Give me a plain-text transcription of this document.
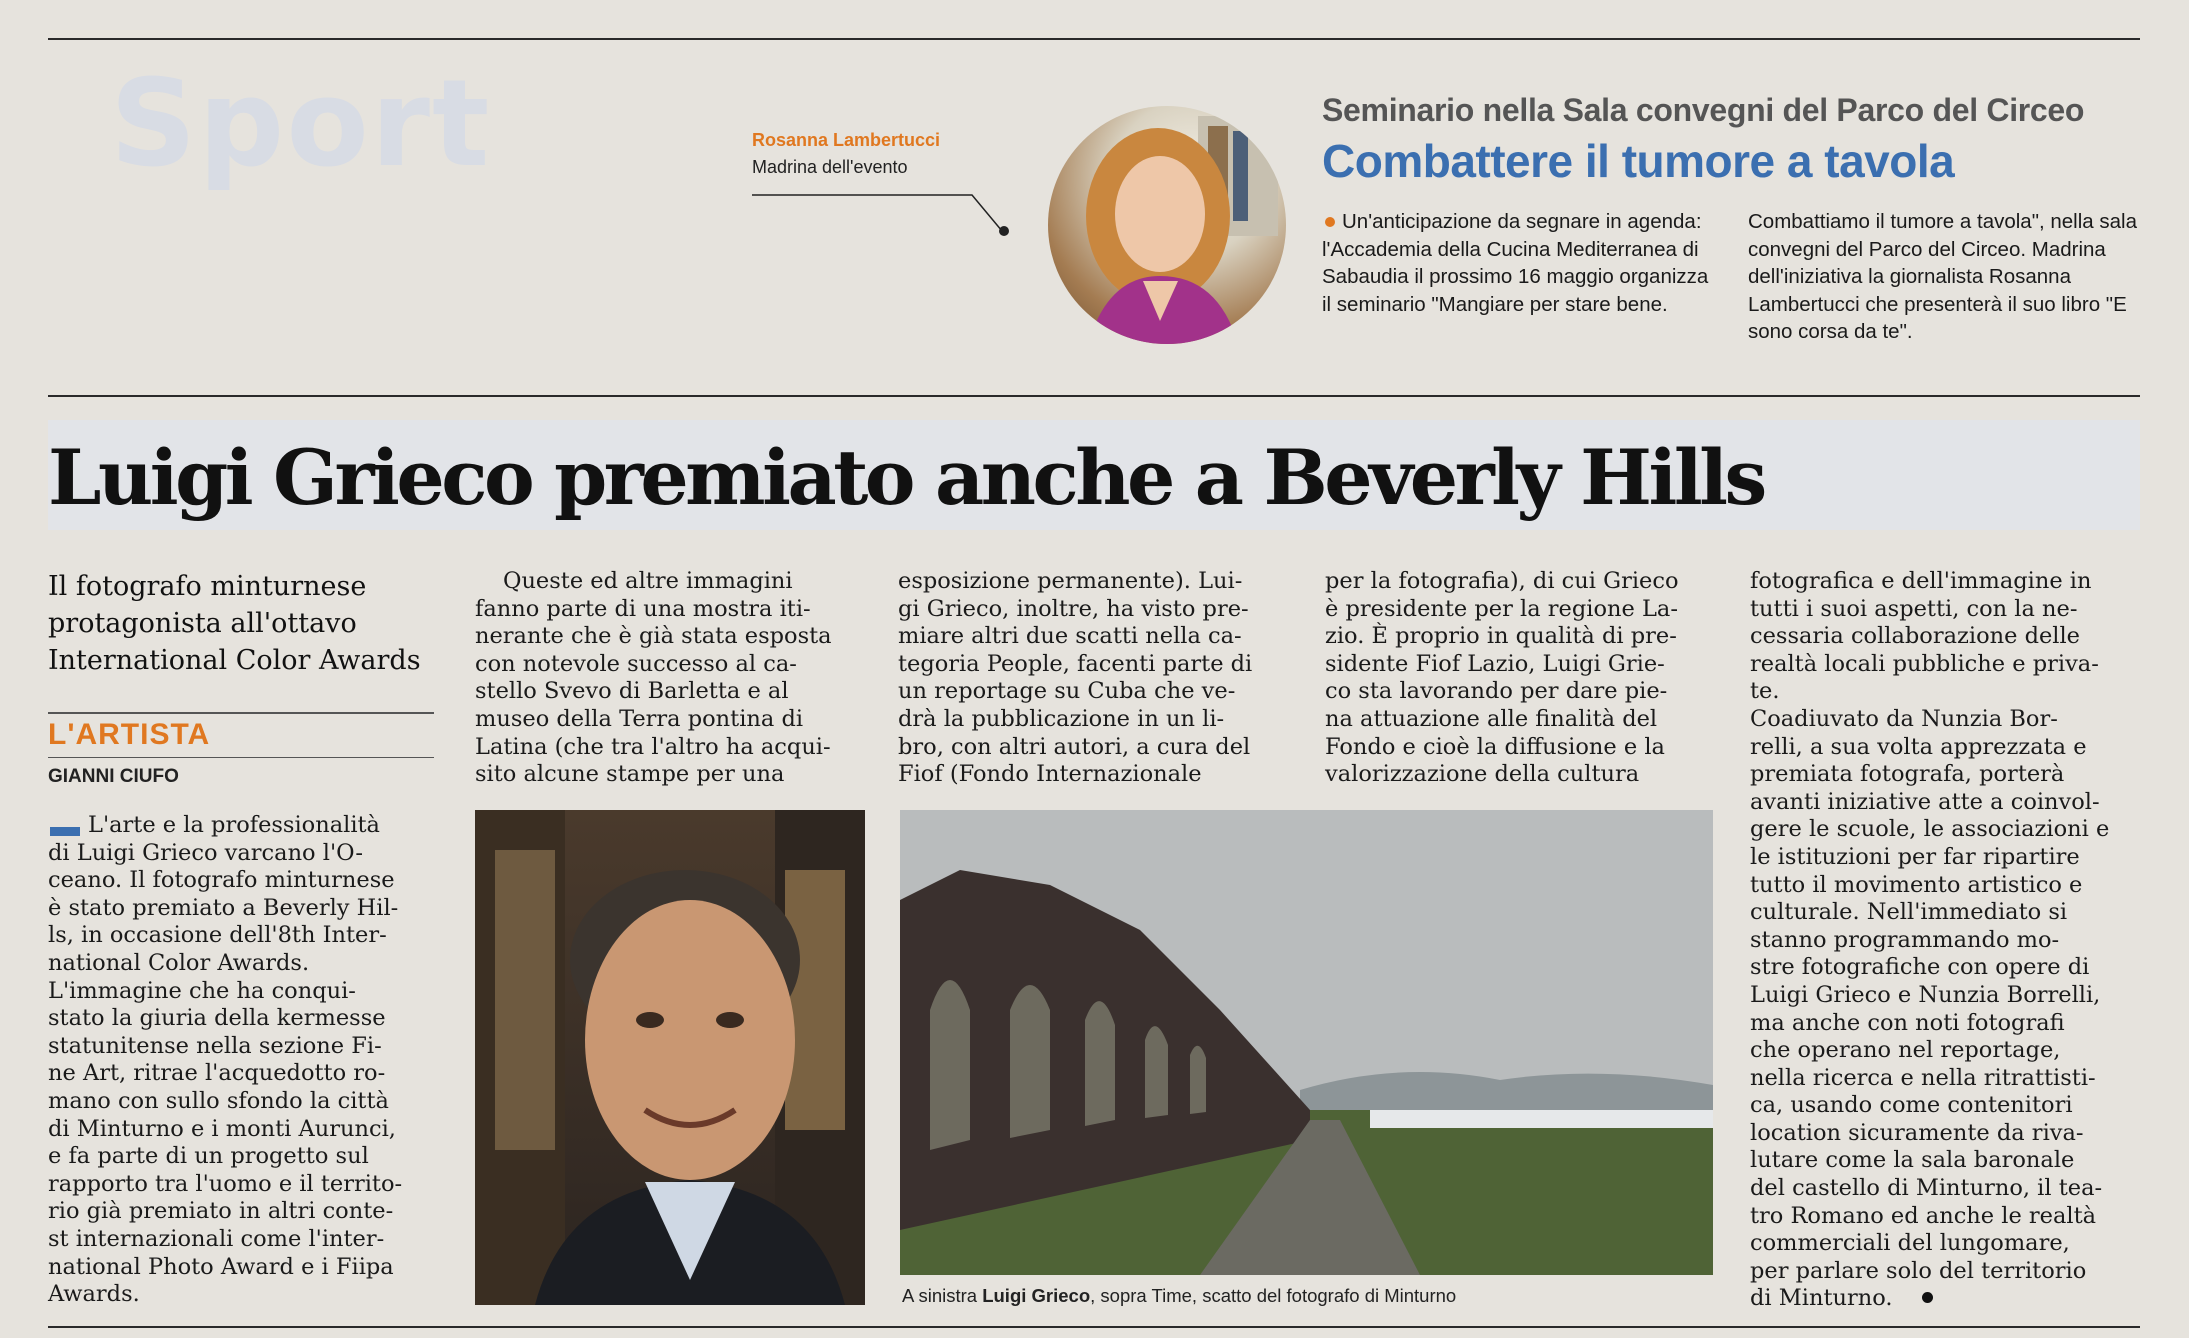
Sport	Rosanna Lambertucci
Madrina dell'evento
Seminario nella Sala convegni del Parco del Circeo
Combattere il tumore a tavola
Un'anticipazione da segnare in agenda: l'Accademia della Cucina Mediterranea di Sabaudia il prossimo 16 maggio organizza il seminario "Mangiare per stare bene.
Combattiamo il tumore a tavola", nella sala convegni del Parco del Circeo. Madrina dell'iniziativa la giornalista Rosanna Lambertucci che presenterà il suo libro "E sono corsa da te".
Luigi Grieco premiato anche a Beverly Hills
Il fotografo minturnese protagonista all'ottavo International Color Awards
L'ARTISTA
GIANNI CIUFO
L'arte e la professionalità
di Luigi Grieco varcano l'O-
ceano. Il fotografo minturnese
è stato premiato a Beverly Hil-
ls, in occasione dell'8th Inter-
national Color Awards.
L'immagine che ha conqui-
stato la giuria della kermesse
statunitense nella sezione Fi-
ne Art, ritrae l'acquedotto ro-
mano con sullo sfondo la città
di Minturno e i monti Aurunci,
e fa parte di un progetto sul
rapporto tra l'uomo e il territo-
rio già premiato in altri conte-
st internazionali come l'inter-
national Photo Award e i Fiipa
Awards.
Queste ed altre immagini
fanno parte di una mostra iti-
nerante che è già stata esposta
con notevole successo al ca-
stello Svevo di Barletta e al
museo della Terra pontina di
Latina (che tra l'altro ha acqui-
sito alcune stampe per una
esposizione permanente). Lui-
gi Grieco, inoltre, ha visto pre-
miare altri due scatti nella ca-
tegoria People, facenti parte di
un reportage su Cuba che ve-
drà la pubblicazione in un li-
bro, con altri autori, a cura del
Fiof (Fondo Internazionale
per la fotografia), di cui Grieco
è presidente per la regione La-
zio. È proprio in qualità di pre-
sidente Fiof Lazio, Luigi Grie-
co sta lavorando per dare pie-
na attuazione alle finalità del
Fondo e cioè la diffusione e la
valorizzazione della cultura
fotografica e dell'immagine in
tutti i suoi aspetti, con la ne-
cessaria collaborazione delle
realtà locali pubbliche e priva-
te.
Coadiuvato da Nunzia Bor-
relli, a sua volta apprezzata e
premiata fotografa, porterà
avanti iniziative atte a coinvol-
gere le scuole, le associazioni e
le istituzioni per far ripartire
tutto il movimento artistico e
culturale. Nell'immediato si
stanno programmando mo-
stre fotografiche con opere di
Luigi Grieco e Nunzia Borrelli,
ma anche con noti fotografi
che operano nel reportage,
nella ricerca e nella ritrattisti-
ca, usando come contenitori
location sicuramente da riva-
lutare come la sala baronale
del castello di Minturno, il tea-
tro Romano ed anche le realtà
commerciali del lungomare,
per parlare solo del territorio
di Minturno.
A sinistra Luigi Grieco, sopra Time, scatto del fotografo di Minturno
